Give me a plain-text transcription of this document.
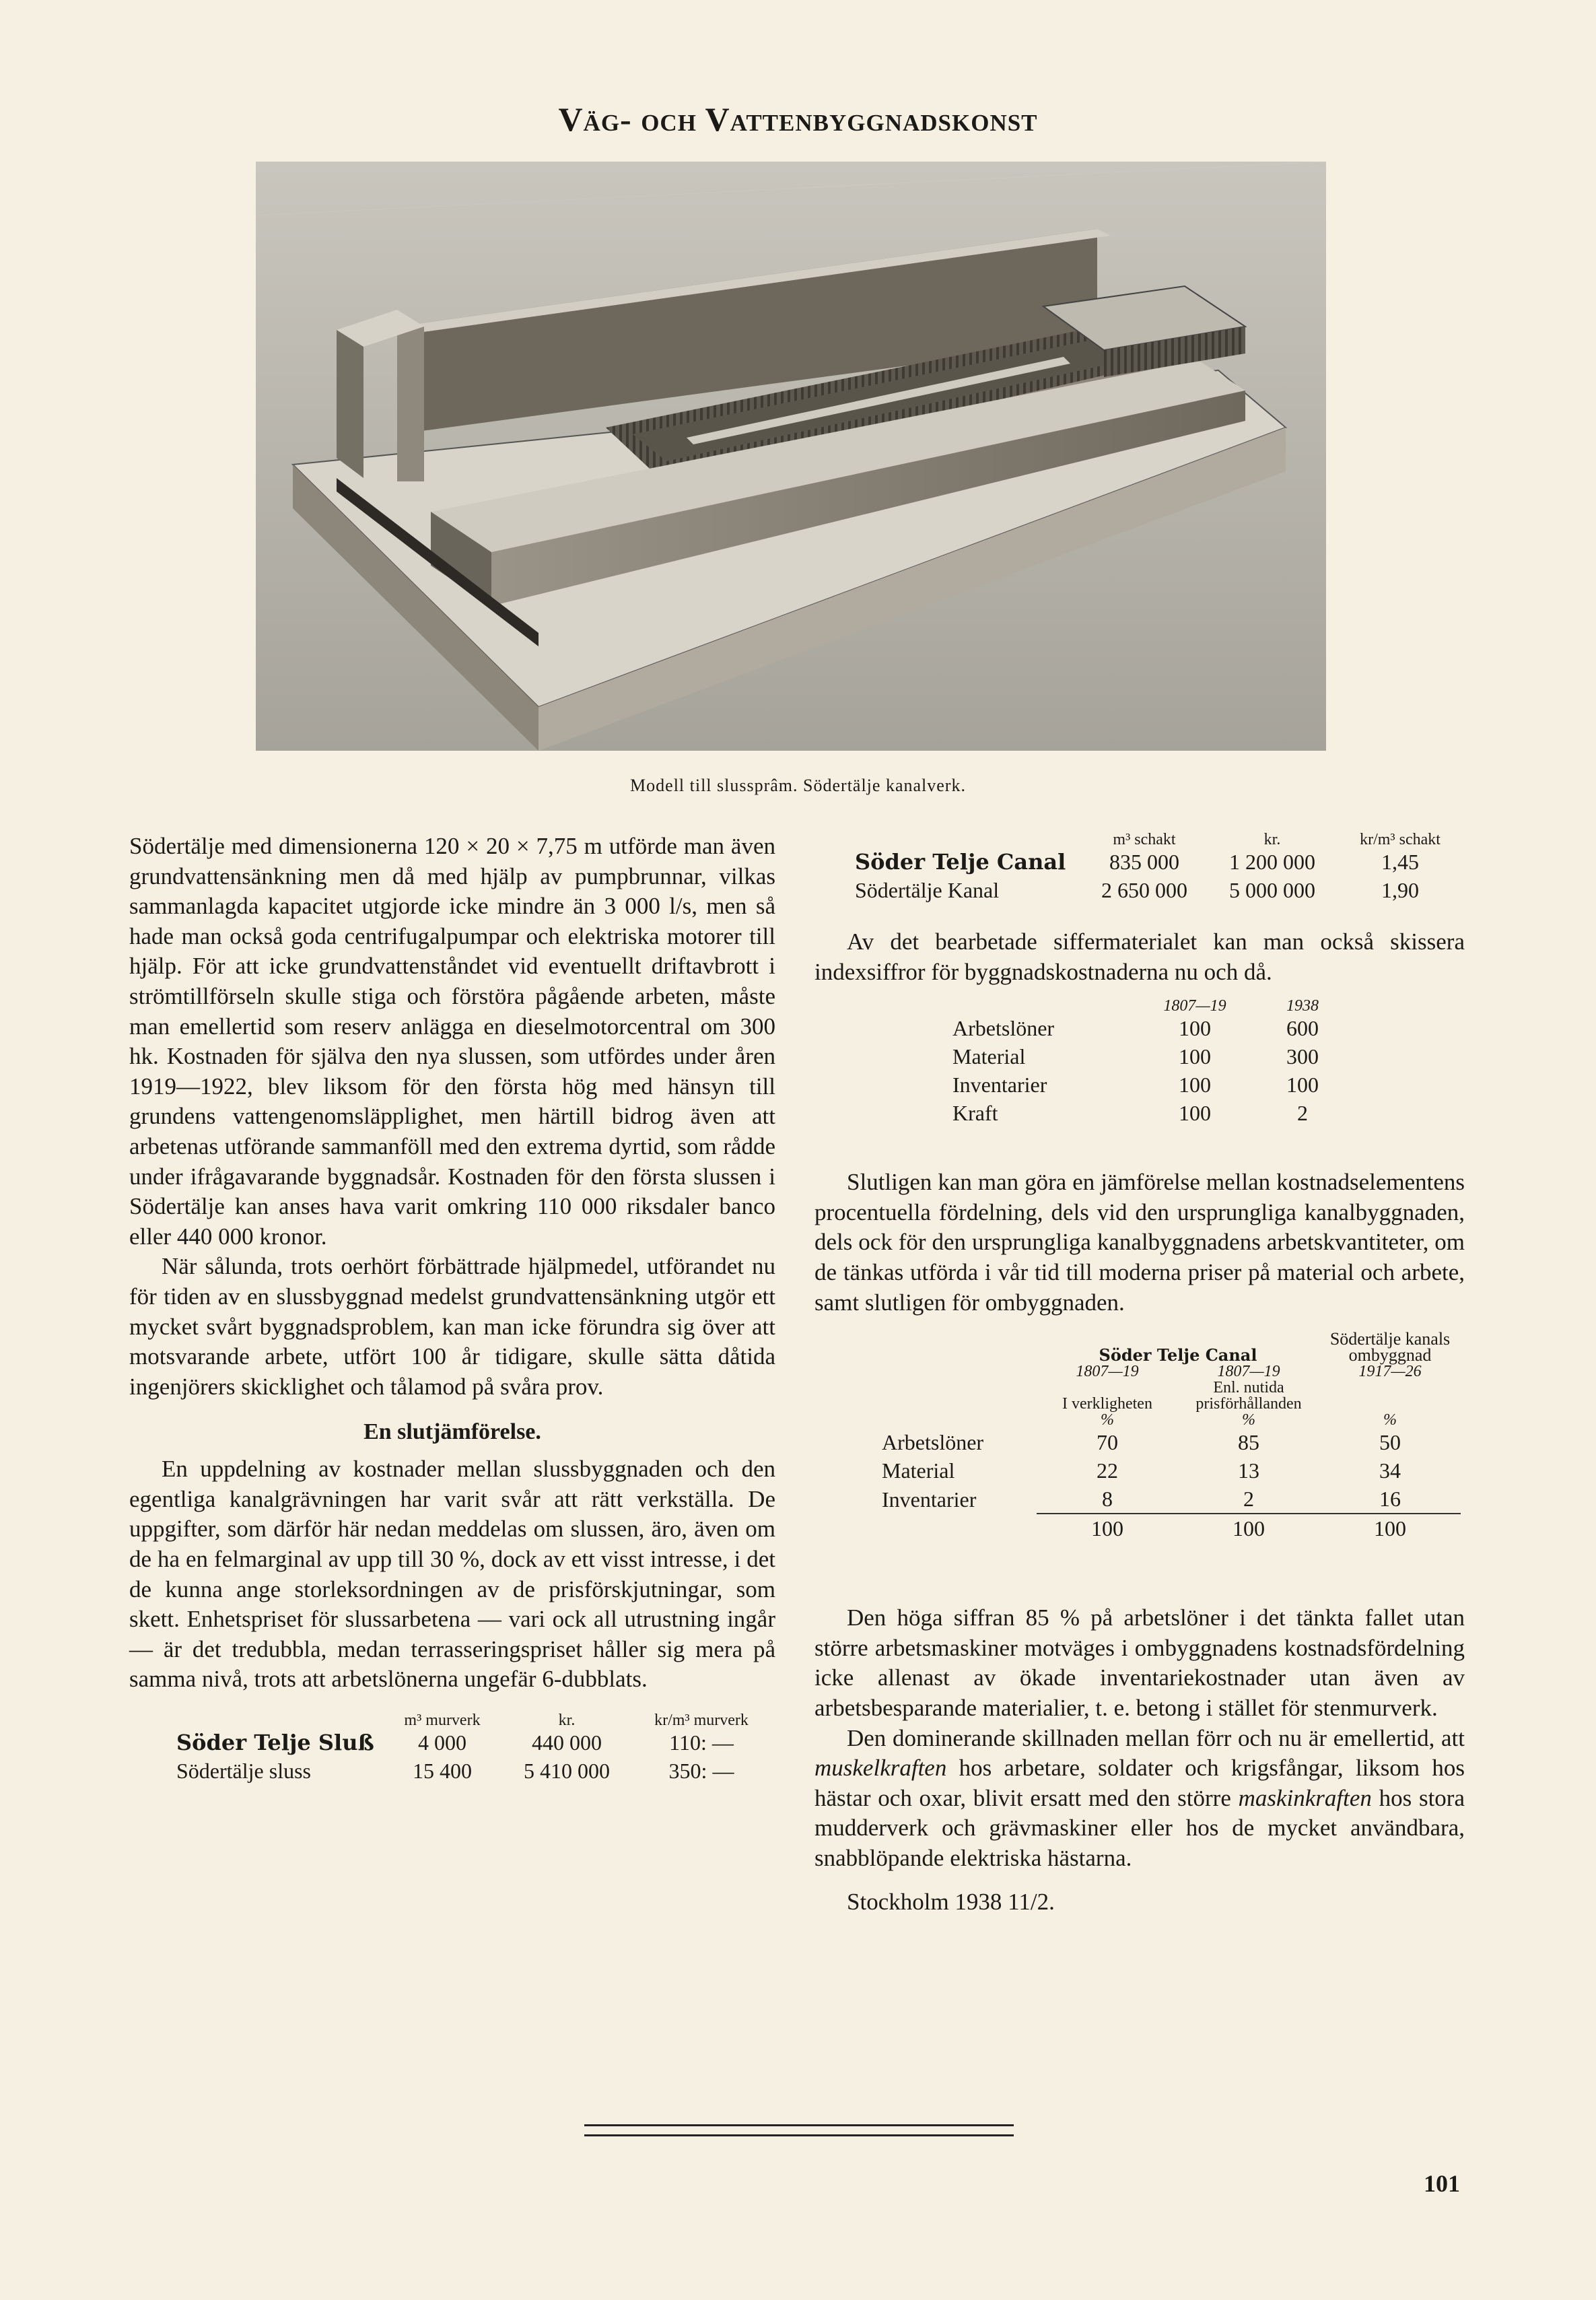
Väg- och Vattenbyggnadskonst
Modell till slussprâm. Södertälje kanalverk.

Södertälje med dimensionerna 120 × 20 × 7,75 m utförde man även grundvattensänkning men då med hjälp av pumpbrunnar, vilkas sammanlagda kapacitet utgjorde icke mindre än 3 000 l/s, men så hade man också goda centrifugalpumpar och elektriska motorer till hjälp. För att icke grundvattenståndet vid eventuellt driftavbrott i strömtillförseln skulle stiga och förstöra pågående arbeten, måste man emellertid som reserv anlägga en dieselmotorcentral om 300 hk. Kostnaden för själva den nya slussen, som utfördes under åren 1919—1922, blev liksom för den första hög med hänsyn till grundens vattengenomsläpplighet, men härtill bidrog även att arbetenas utförande sammanföll med den extrema dyrtid, som rådde under ifrågavarande byggnadsår. Kostnaden för den första slussen i Södertälje kan anses hava varit omkring 110 000 riksdaler banco eller 440 000 kronor.

När sålunda, trots oerhört förbättrade hjälpmedel, utförandet nu för tiden av en slussbyggnad medelst grundvattensänkning utgör ett mycket svårt byggnadsproblem, kan man icke förundra sig över att motsvarande arbete, utfört 100 år tidigare, skulle sätta dåtida ingenjörers skicklighet och tålamod på svåra prov.

En slutjämförelse.

En uppdelning av kostnader mellan slussbyggnaden och den egentliga kanalgrävningen har varit svår att rätt verkställa. De uppgifter, som därför här nedan meddelas om slussen, äro, även om de ha en felmarginal av upp till 30 %, dock av ett visst intresse, i det de kunna ange storleksordningen av de prisförskjutningar, som skett. Enhetspriset för slussarbetena — vari ock all utrustning ingår — är det tredubbla, medan terrasseringspriset håller sig mera på samma nivå, trots att arbetslönerna ungefär 6-dubblats.

	m³ murverk	kr.	kr/m³ murverk
Söder Telje Sluß	4 000	440 000	110: —
Södertälje sluss	15 400	5 410 000	350: —
	m³ schakt	kr.	kr/m³ schakt
Söder Telje Canal	835 000	1 200 000	1,45
Södertälje Kanal	2 650 000	5 000 000	1,90

Av det bearbetade siffermaterialet kan man också skissera indexsiffror för byggnadskostnaderna nu och då.

	1807—19	1938
Arbetslöner	100	600
Material	100	300
Inventarier	100	100
Kraft	100	2

Slutligen kan man göra en jämförelse mellan kostnadselementens procentuella fördelning, dels vid den ursprungliga kanalbyggnaden, dels ock för den ursprungliga kanalbyggnadens arbetskvantiteter, om de tänkas utförda i vår tid till moderna priser på material och arbete, samt slutligen för ombyggnaden.

	Söder Telje Canal		Södertälje kanals ombyggnad
	1807—19	1807—19	1917—26
	I verkligheten	Enl. nutida prisförhållanden	
	%	%	%
Arbetslöner	70	85	50
Material	22	13	34
Inventarier	8	2	16
	100	100	100

Den höga siffran 85 % på arbetslöner i det tänkta fallet utan större arbetsmaskiner motväges i ombyggnadens kostnadsfördelning icke allenast av ökade inventariekostnader utan även av arbetsbesparande materialier, t. e. betong i stället för stenmurverk.

Den dominerande skillnaden mellan förr och nu är emellertid, att muskelkraften hos arbetare, soldater och krigsfångar, liksom hos hästar och oxar, blivit ersatt med den större maskinkraften hos stora mudderverk och grävmaskiner eller hos de mycket användbara, snabblöpande elektriska hästarna.

Stockholm 1938 11/2.

101
